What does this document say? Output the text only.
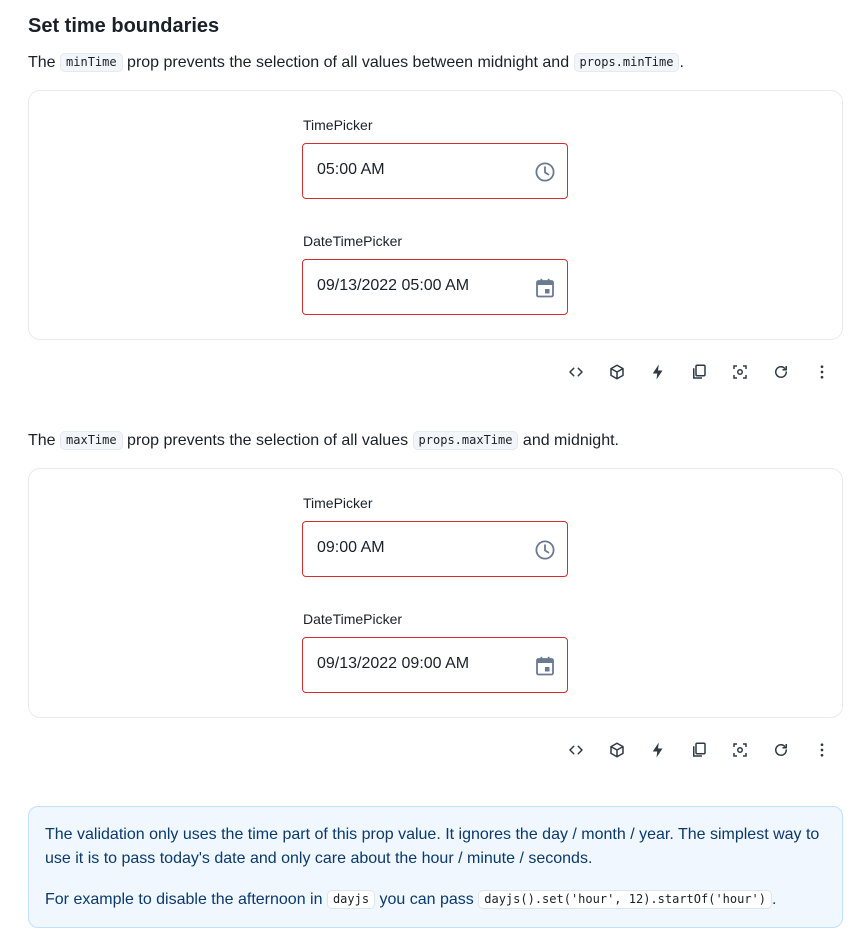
Set time boundaries
The minTime prop prevents the selection of all values between midnight and props.minTime .
TimePicker
05:00 AM
DateTimePicker
09/13/2022 05:00 AM
The maxTime prop prevents the selection of all values props.maxTime and midnight.
TimePicker
09:00 AM
DateTimePicker
09/13/2022 09:00 AM

The validation only uses the time part of this prop value. It ignores the day / month / year. The simplest way to use it is to pass today's date and only care about the hour / minute / seconds.

For example to disable the afternoon in dayjs you can pass dayjs().set('hour', 12).startOf('hour') .
